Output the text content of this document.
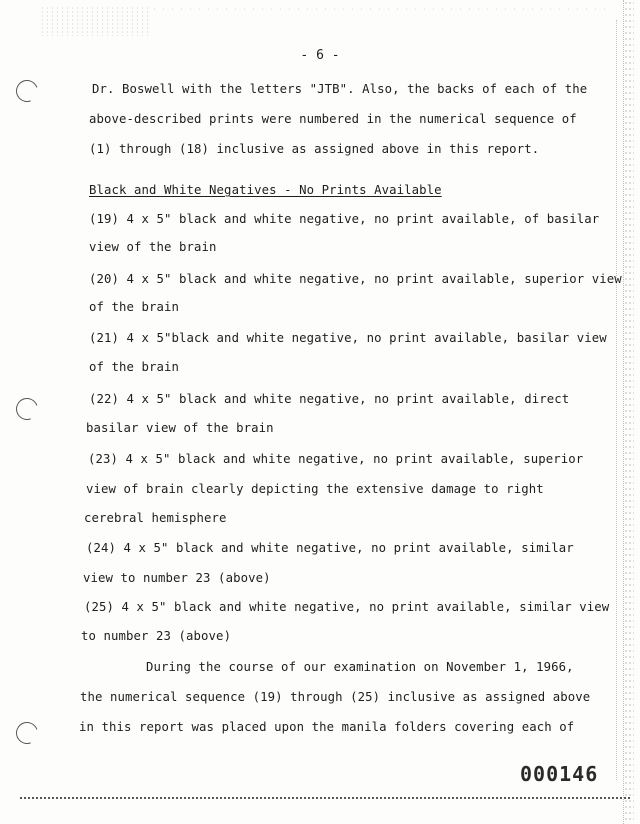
- 6 -
Dr. Boswell with the letters "JTB". Also, the backs of each of the
above-described prints were numbered in the numerical sequence of
(1) through (18) inclusive as assigned above in this report.
Black and White Negatives - No Prints Available
(19) 4 x 5" black and white negative, no print available, of basilar
view of the brain
(20) 4 x 5" black and white negative, no print available, superior view
of the brain
(21) 4 x 5"black and white negative, no print available, basilar view
of the brain
(22) 4 x 5" black and white negative, no print available, direct
basilar view of the brain
(23) 4 x 5" black and white negative, no print available, superior
view of brain clearly depicting the extensive damage to right
cerebral hemisphere
(24) 4 x 5" black and white negative, no print available, similar
view to number 23 (above)
(25) 4 x 5" black and white negative, no print available, similar view
to number 23 (above)
During the course of our examination on November 1, 1966,
the numerical sequence (19) through (25) inclusive as assigned above
in this report was placed upon the manila folders covering each of
000146
